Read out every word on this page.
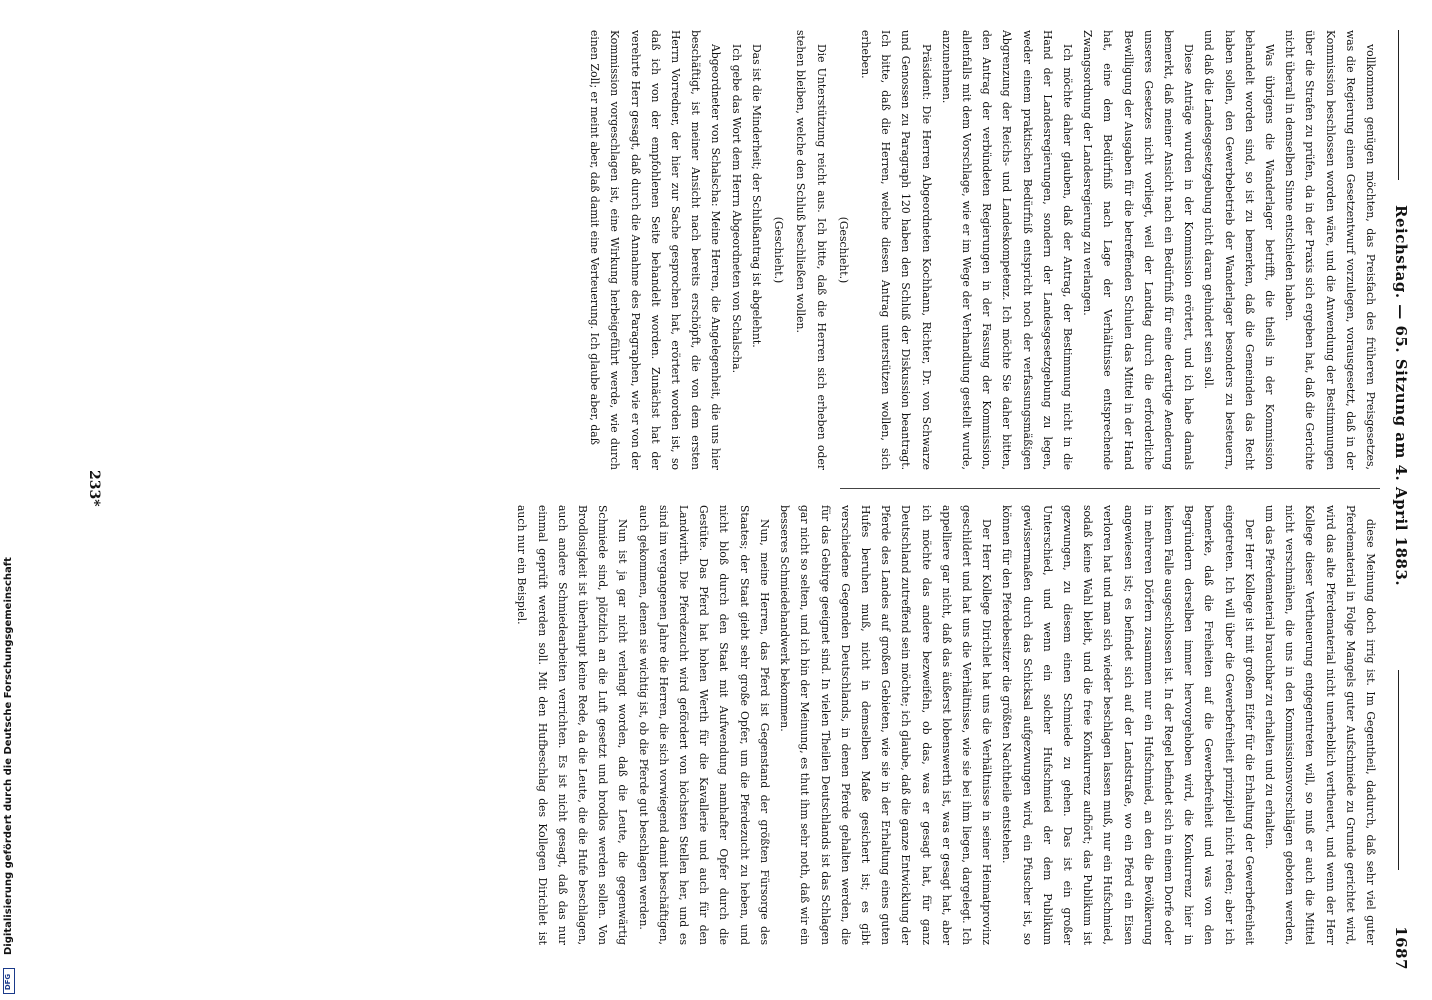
DFG
Digitalisierung gefördert durch die Deutsche Forschungsgemeinschaft
Reichstag. — 65. Sitzung am 4. April 1883.
1687

vollkommen genügen möchten, das Preisfach des früheren Preisgesetzes, was die Regierung einen Gesetzentwurf vorzulegen, vorausgesetzt, daß in der Kommission beschlossen worden wäre, und die Anwendung der Bestimmungen über die Strafen zu prüfen, da in der Praxis sich ergeben hat, daß die Gerichte nicht überall in demselben Sinne entschieden haben.

Was übrigens die Wanderlager betrifft, die theils in der Kommission behandelt worden sind, so ist zu bemerken, daß die Gemeinden das Recht haben sollen, den Gewerbebetrieb der Wanderlager besonders zu besteuern, und daß die Landesgesetzgebung nicht daran gehindert sein soll.

Diese Anträge wurden in der Kommission erörtert, und ich habe damals bemerkt, daß meiner Ansicht nach ein Bedürfniß für eine derartige Aenderung unseres Gesetzes nicht vorliegt, weil der Landtag durch die erforderliche Bewilligung der Ausgaben für die betreffenden Schulen das Mittel in der Hand hat, eine dem Bedürfniß nach Lage der Verhältnisse entsprechende Zwangsordnung der Landesregierung zu verlangen.

Ich möchte daher glauben, daß der Antrag, der Bestimmung nicht in die Hand der Landesregierungen, sondern der Landesgesetzgebung zu legen, weder einem praktischen Bedürfniß entspricht noch der verfassungsmäßigen Abgrenzung der Reichs- und Landeskompetenz. Ich möchte Sie daher bitten, den Antrag der verbündeten Regierungen in der Fassung der Kommission, allenfalls mit dem Vorschlage, wie er im Wege der Verhandlung gestellt wurde, anzunehmen.

Präsident: Die Herren Abgeordneten Kochhann, Richter, Dr. von Schwarze und Genossen zu Paragraph 120 haben den Schluß der Diskussion beantragt. Ich bitte, daß die Herren, welche diesen Antrag unterstützen wollen, sich erheben.

(Geschieht.)

Die Unterstützung reicht aus. Ich bitte, daß die Herren sich erheben oder stehen bleiben, welche den Schluß beschließen wollen.

(Geschieht.)

Das ist die Minderheit; der Schlußantrag ist abgelehnt.

Ich gebe das Wort dem Herrn Abgeordneten von Schalscha.

Abgeordneter von Schalscha: Meine Herren, die Angelegenheit, die uns hier beschäftigt, ist meiner Ansicht nach bereits erschöpft, die von dem ersten Herrn Vorredner, der hier zur Sache gesprochen hat, erörtert worden ist, so daß ich von der empfohlenen Seite behandelt worden. Zunächst hat der verehrte Herr gesagt, daß durch die Annahme des Paragraphen, wie er von der Kommission vorgeschlagen ist, eine Wirkung herbeigeführt werde, wie durch einen Zoll; er meint aber, daß damit eine Verteuerung. Ich glaube aber, daß

diese Meinung doch irrig ist. Im Gegentheil, dadurch, daß sehr viel guter Pferdematerial in Folge Mangels guter Aufschmiede zu Grunde gerichtet wird, wird das alte Pferdematerial nicht unerheblich vertheuert, und wenn der Herr Kollege dieser Vertheuerung entgegentreten will, so muß er auch die Mittel nicht verschmähen, die uns in den Kommissionsvorschlägen geboten werden, um das Pferdematerial brauchbar zu erhalten und zu erhalten.

Der Herr Kollege ist mit großem Eifer für die Erhaltung der Gewerbefreiheit eingetreten. Ich will über die Gewerbefreiheit prinzipiell nicht reden; aber ich bemerke, daß die Freiheiten auf die Gewerbefreiheit und was von den Begründern derselben immer hervorgehoben wird, die Konkurrenz hier in keinem Falle ausgeschlossen ist. In der Regel befindet sich in einem Dorfe oder in mehreren Dörfern zusammen nur ein Hufschmied, an den die Bevölkerung angewiesen ist; es befindet sich auf der Landstraße, wo ein Pferd ein Eisen verloren hat und man sich wieder beschlagen lassen muß, nur ein Hufschmied, sodaß keine Wahl bleibt, und die freie Konkurrenz aufhört; das Publikum ist gezwungen, zu diesem einen Schmiede zu gehen. Das ist ein großer Unterschied, und wenn ein solcher Hufschmied der dem Publikum gewissermaßen durch das Schicksal aufgezwungen wird, ein Pfuscher ist, so können für den Pferdebesitzer die größten Nachtheile entstehen.

Der Herr Kollege Dirichlet hat uns die Verhältnisse in seiner Heimatprovinz geschildert und hat uns die Verhältnisse, wie sie bei ihm liegen, dargelegt. Ich appelliere gar nicht, daß das äußerst lobenswerth ist, was er gesagt hat, aber ich möchte das andere bezweifeln, ob das, was er gesagt hat, für ganz Deutschland zutreffend sein möchte; ich glaube, daß die ganze Entwicklung der Pferde des Landes auf großen Gebieten, wie sie in der Erhaltung eines guten Hufes beruhen muß, nicht in demselben Maße gesichert ist; es gibt verschiedene Gegenden Deutschlands, in denen Pferde gehalten werden, die für das Gebirge geeignet sind. In vielen Theilen Deutschlands ist das Schlagen gar nicht so selten, und ich bin der Meinung, es thut ihm sehr noth, daß wir ein besseres Schmiedehandwerk bekommen.

Nun, meine Herren, das Pferd ist Gegenstand der größten Fürsorge des Staates; der Staat giebt sehr große Opfer, um die Pferdezucht zu heben, und nicht bloß durch den Staat mit Aufwendung namhafter Opfer durch die Gestüte. Das Pferd hat hohen Werth für die Kavallerie und auch für den Landwirth. Die Pferdezucht wird gefördert von höchsten Stellen her, und es sind im vergangenen Jahre die Herren, die sich vorwiegend damit beschäftigen, auch gekommen, denen sie wichtig ist, ob die Pferde gut beschlagen werden.

Nun ist ja gar nicht verlangt worden, daß die Leute, die gegenwärtig Schmiede sind, plötzlich an die Luft gesetzt und brodlos werden sollen. Von Brodlosigkeit ist überhaupt keine Rede, da die Leute, die die Hufe beschlagen, auch andere Schmiedearbeiten verrichten. Es ist nicht gesagt, daß das nur einmal geprüft werden soll. Mit den Hufbeschlag des Kollegen Dirichlet ist auch nur ein Beispiel.

233*
